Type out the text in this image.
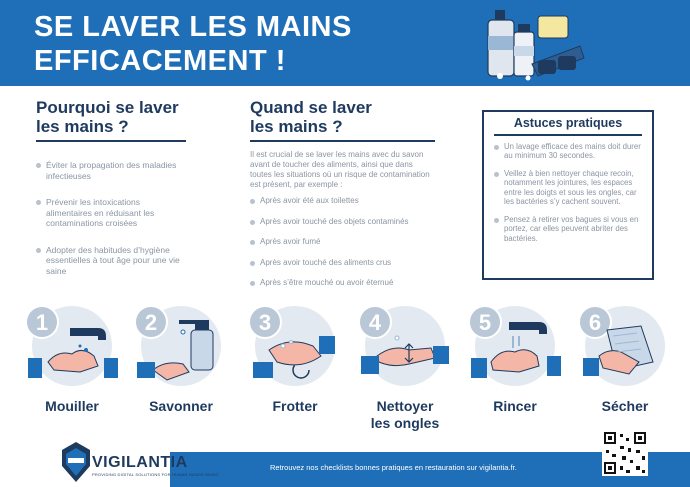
SE LAVER LES MAINS
EFFICACEMENT !
Pourquoi se laver
les mains ?
Éviter la propagation des maladies infectieuses
Prévenir les intoxications alimentaires en réduisant les contaminations croisées
Adopter des habitudes d’hygiène essentielles à tout âge pour une vie saine
Quand se laver
les mains ?
Il est crucial de se laver les mains avec du savon avant de toucher des aliments, ainsi que dans toutes les situations où un risque de contamination est présent, par exemple :
Après avoir été aux toilettes
Après avoir touché des objets contaminés
Après avoir fumé
Après avoir touché des aliments crus
Après s’être mouché ou avoir éternué
Astuces pratiques
Un lavage efficace des mains doit durer au minimum 30 secondes.
Veillez à bien nettoyer chaque recoin, notamment les jointures, les espaces entre les doigts et sous les ongles, car les bactéries s’y cachent souvent.
Pensez à retirer vos bagues si vous en portez, car elles peuvent abriter des bactéries.
1
Mouiller
2
Savonner
3
Frotter
4
Nettoyer
les ongles
5
Rincer
6
Sécher
Retrouvez nos checklists bonnes pratiques en restauration sur vigilantia.fr.
VIGILANTIA
PROVIDING DIGITAL SOLUTIONS FOR HUMAN HANDS BEING
